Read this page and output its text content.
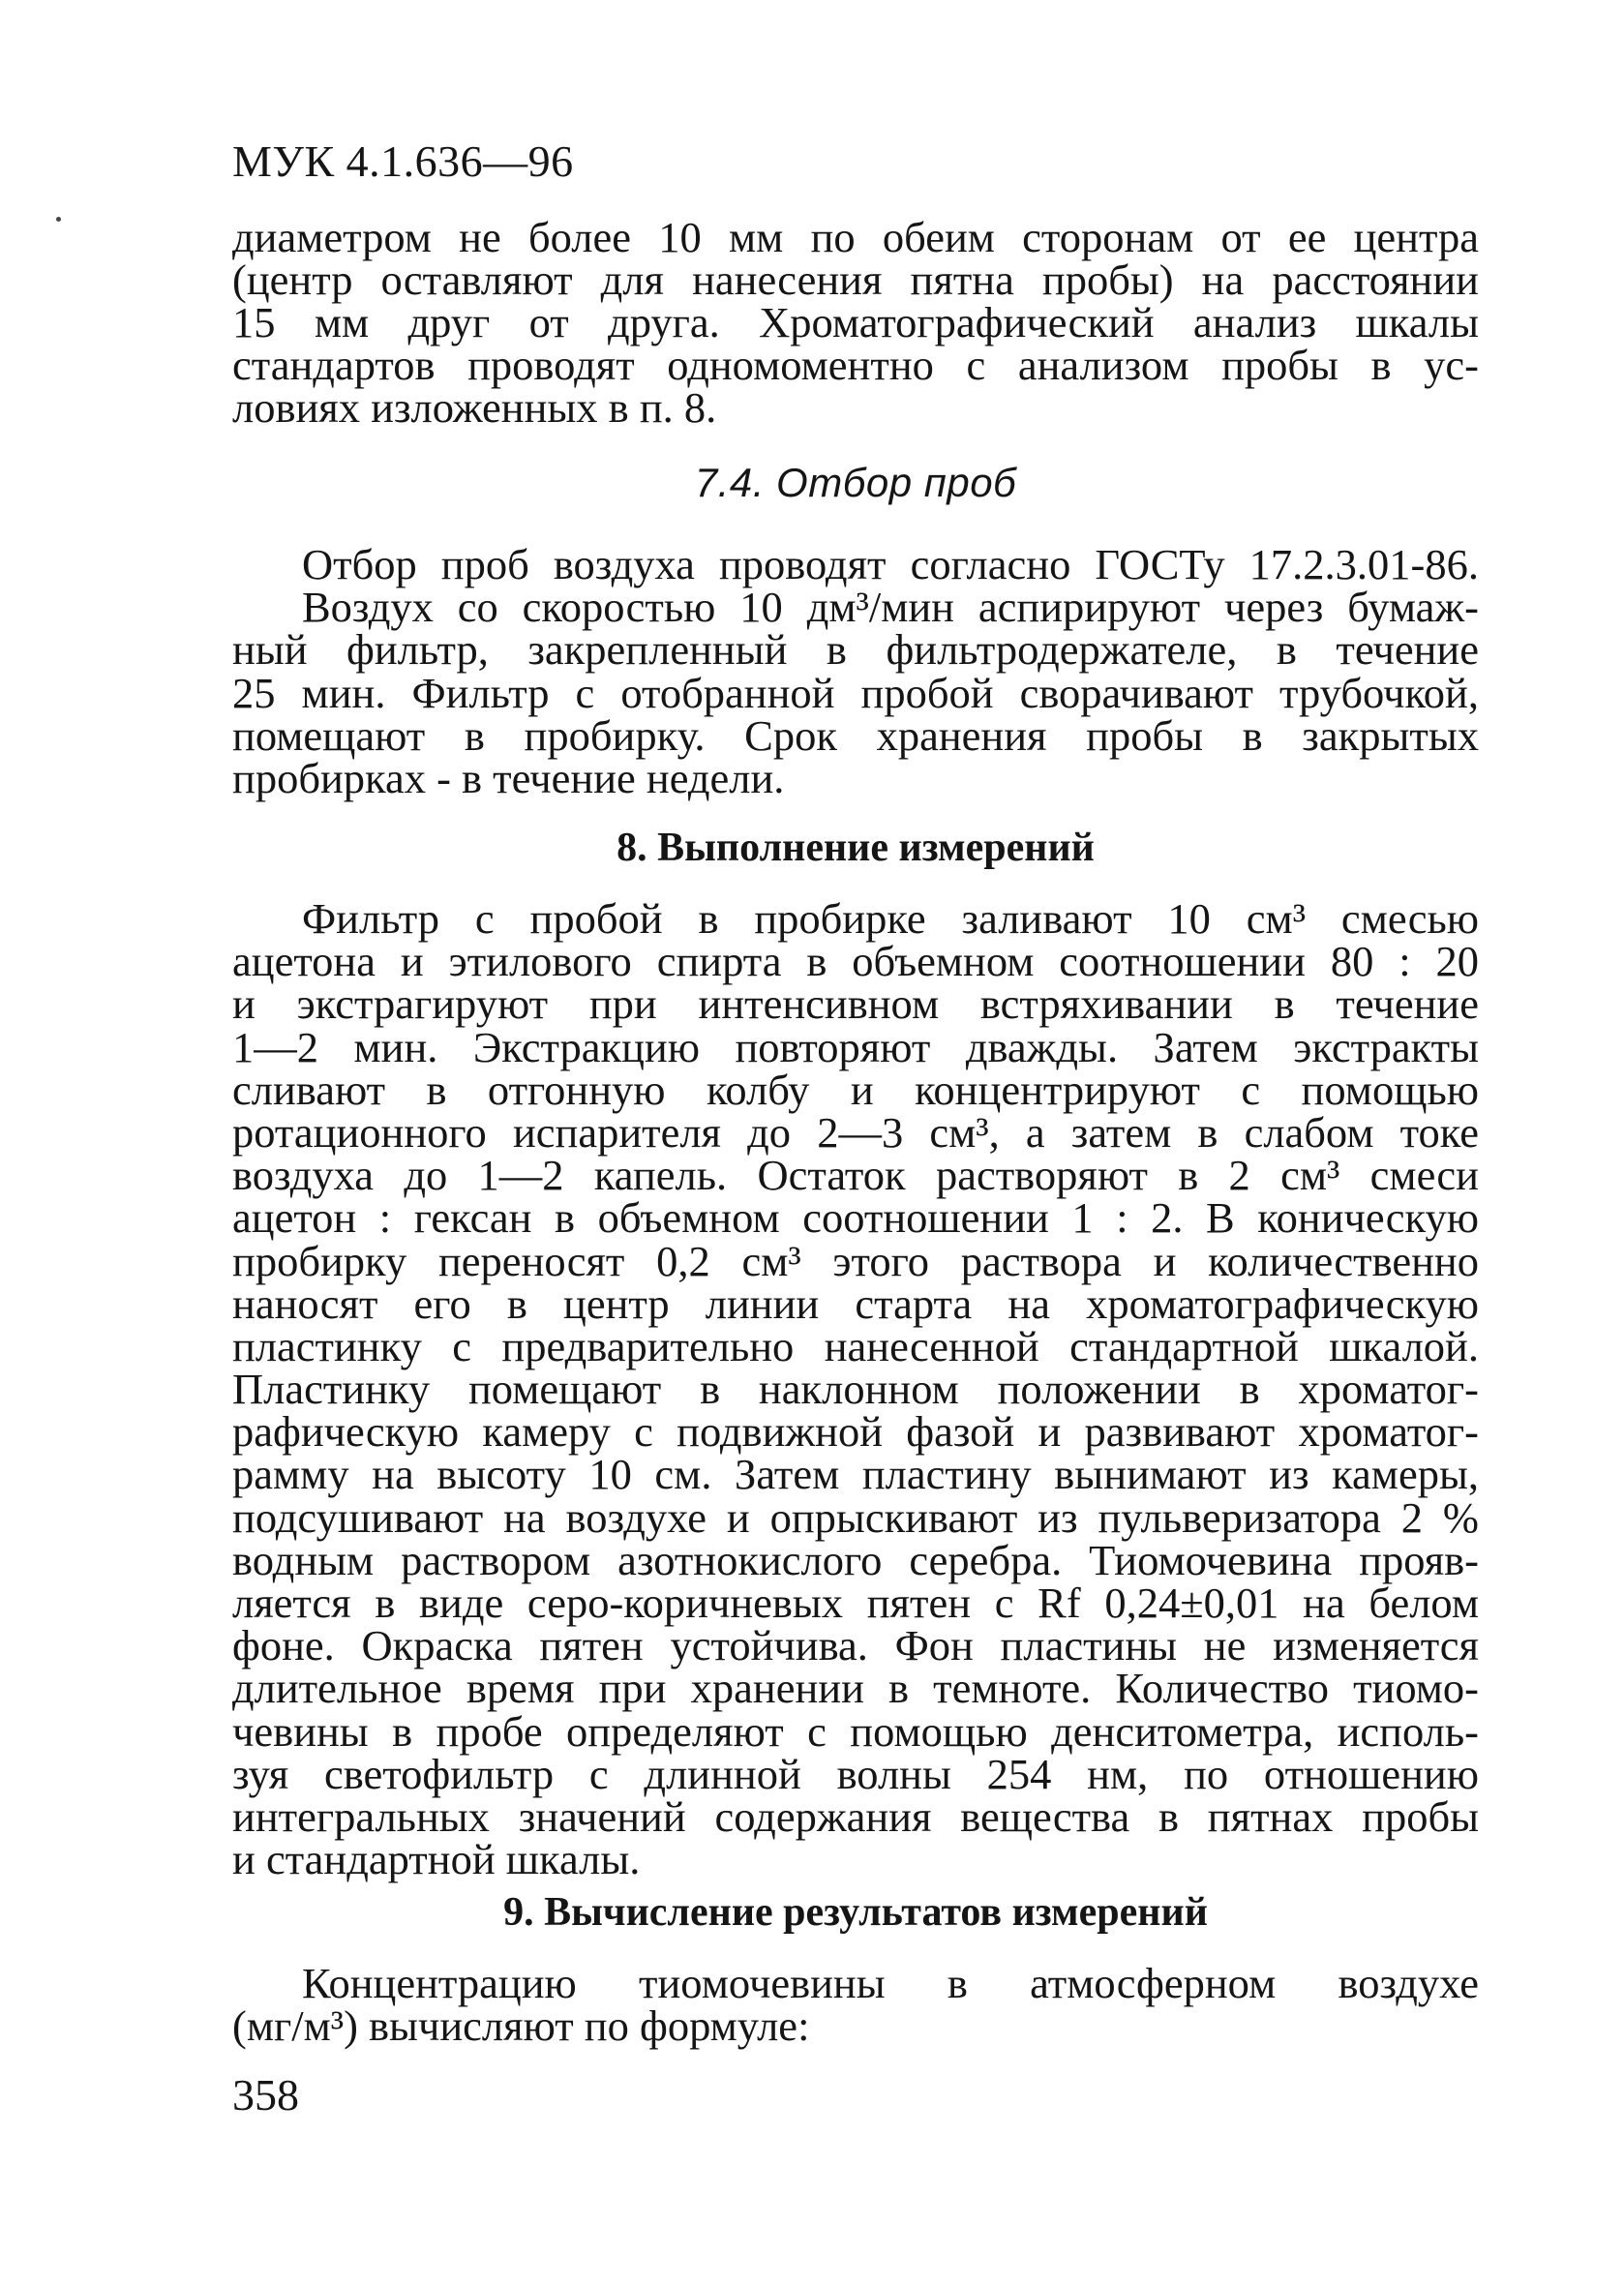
МУК 4.1.636—96
диаметром не более 10 мм по обеим сторонам от ее центра
(центр оставляют для нанесения пятна пробы) на расстоянии
15 мм друг от друга. Хроматографический анализ шкалы
стандартов проводят одномоментно с анализом пробы в ус-
ловиях изложенных в п. 8.
7.4. Отбор проб
Отбор проб воздуха проводят согласно ГОСТу 17.2.3.01-86.
Воздух со скоростью 10 дм³/мин аспирируют через бумаж-
ный фильтр, закрепленный в фильтродержателе, в течение
25 мин. Фильтр с отобранной пробой сворачивают трубочкой,
помещают в пробирку. Срок хранения пробы в закрытых
пробирках - в течение недели.
8. Выполнение измерений
Фильтр с пробой в пробирке заливают 10 см³ смесью
ацетона и этилового спирта в объемном соотношении 80 : 20
и экстрагируют при интенсивном встряхивании в течение
1—2 мин. Экстракцию повторяют дважды. Затем экстракты
сливают в отгонную колбу и концентрируют с помощью
ротационного испарителя до 2—3 см³, а затем в слабом токе
воздуха до 1—2 капель. Остаток растворяют в 2 см³ смеси
ацетон : гексан в объемном соотношении 1 : 2. В коническую
пробирку переносят 0,2 см³ этого раствора и количественно
наносят его в центр линии старта на хроматографическую
пластинку с предварительно нанесенной стандартной шкалой.
Пластинку помещают в наклонном положении в хроматог-
рафическую камеру с подвижной фазой и развивают хроматог-
рамму на высоту 10 см. Затем пластину вынимают из камеры,
подсушивают на воздухе и опрыскивают из пульверизатора 2 %
водным раствором азотнокислого серебра. Тиомочевина прояв-
ляется в виде серо-коричневых пятен с Rf 0,24±0,01 на белом
фоне. Окраска пятен устойчива. Фон пластины не изменяется
длительное время при хранении в темноте. Количество тиомо-
чевины в пробе определяют с помощью денситометра, исполь-
зуя светофильтр с длинной волны 254 нм, по отношению
интегральных значений содержания вещества в пятнах пробы
и стандартной шкалы.
9. Вычисление результатов измерений
Концентрацию тиомочевины в атмосферном воздухе
(мг/м³) вычисляют по формуле:
358
